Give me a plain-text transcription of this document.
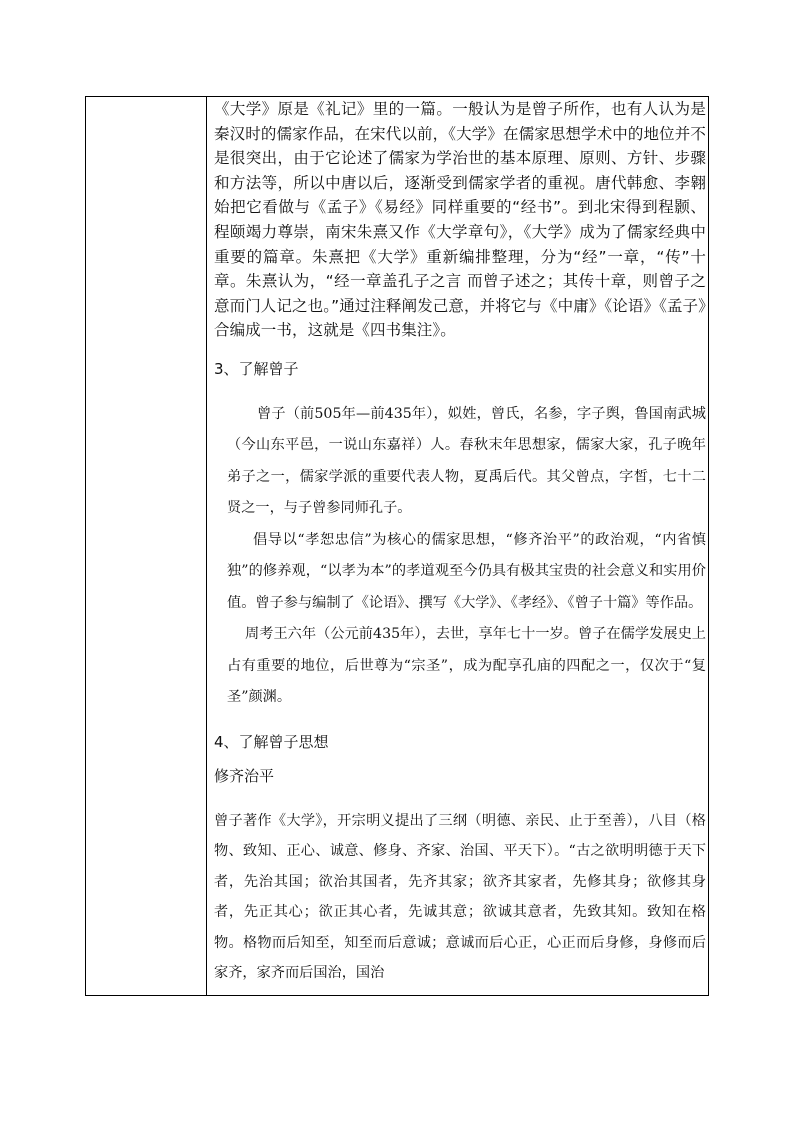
《大学》原是《礼记》里的一篇。一般认为是曾子所作，也有人认为是秦汉时的儒家作品，在宋代以前，《大学》在儒家思想学术中的地位并不是很突出，由于它论述了儒家为学治世的基本原理、原则、方针、步骤和方法等，所以中唐以后，逐渐受到儒家学者的重视。唐代韩愈、李翱始把它看做与《孟子》《易经》同样重要的“经书”。到北宋得到程颢、程颐竭力尊崇，南宋朱熹又作《大学章句》，《大学》成为了儒家经典中重要的篇章。朱熹把《大学》重新编排整理，分为“经”一章，“传”十章。朱熹认为，“经一章盖孔子之言 而曾子述之；其传十章，则曾子之意而门人记之也。”通过注释阐发己意，并将它与《中庸》《论语》《孟子》合编成一书，这就是《四书集注》。

3、了解曾子

曾子（前505年—前435年），姒姓，曾氏，名参，字子舆，鲁国南武城（今山东平邑，一说山东嘉祥）人。春秋末年思想家，儒家大家，孔子晚年弟子之一，儒家学派的重要代表人物，夏禹后代。其父曾点，字皙，七十二贤之一，与子曾参同师孔子。

倡导以“孝恕忠信”为核心的儒家思想，“修齐治平”的政治观，“内省慎独”的修养观，“以孝为本”的孝道观至今仍具有极其宝贵的社会意义和实用价值。曾子参与编制了《论语》、撰写《大学》、《孝经》、《曾子十篇》等作品。

周考王六年（公元前435年），去世，享年七十一岁。曾子在儒学发展史上占有重要的地位，后世尊为“宗圣”，成为配享孔庙的四配之一，仅次于“复圣”颜渊。

4、了解曾子思想
修齐治平

曾子著作《大学》，开宗明义提出了三纲（明德、亲民、止于至善），八目（格物、致知、正心、诚意、修身、齐家、治国、平天下）。“古之欲明明德于天下者，先治其国；欲治其国者，先齐其家；欲齐其家者，先修其身；欲修其身者，先正其心；欲正其心者，先诚其意；欲诚其意者，先致其知。致知在格物。格物而后知至，知至而后意诚；意诚而后心正，心正而后身修，身修而后家齐，家齐而后国治，国治
